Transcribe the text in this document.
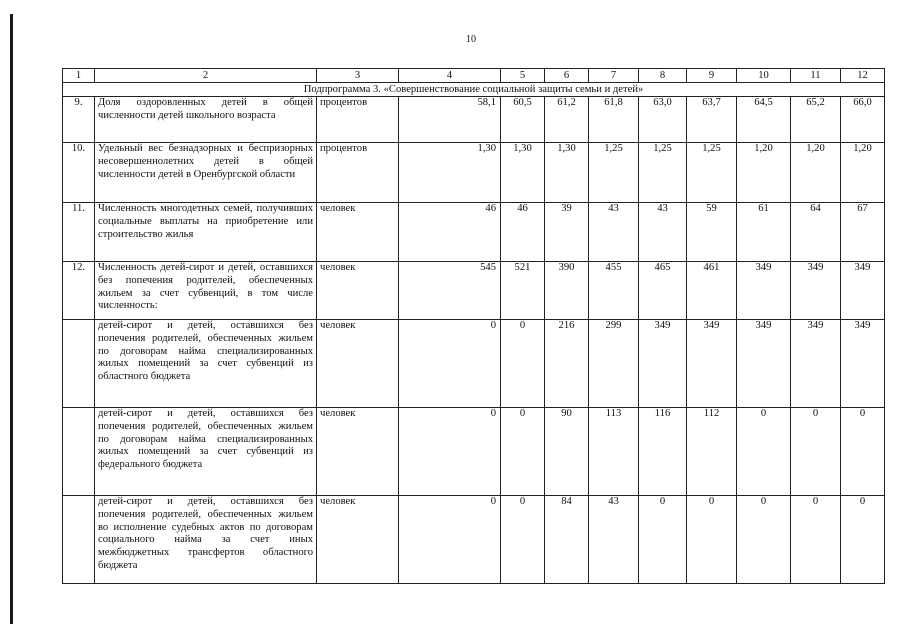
10
1	2	3	4	5	6	7	8	9	10	11	12
Подпрограмма 3. «Совершенствование социальной защиты семьи и детей»											
9.	Доля оздоровленных детей в общей численности детей школьного возраста	процентов	58,1	60,5	61,2	61,8	63,0	63,7	64,5	65,2	66,0
10.	Удельный вес безнадзорных и беспризорных несовершеннолетних детей в общей численности детей в Оренбургской области	процентов	1,30	1,30	1,30	1,25	1,25	1,25	1,20	1,20	1,20
11.	Численность многодетных семей, получивших социальные выплаты на приобретение или строительство жилья	человек	46	46	39	43	43	59	61	64	67
12.	Численность детей-сирот и детей, оставшихся без попечения родителей, обеспеченных жильем за счет субвенций, в том числе численность:	человек	545	521	390	455	465	461	349	349	349
	детей-сирот и детей, оставшихся без попечения родителей, обеспеченных жильем по договорам найма специализированных жилых помещений за счет субвенций из областного бюджета	человек	0	0	216	299	349	349	349	349	349
	детей-сирот и детей, оставшихся без попечения родителей, обеспеченных жильем по договорам найма специализированных жилых помещений за счет субвенций из федерального бюджета	человек	0	0	90	113	116	112	0	0	0
	детей-сирот и детей, оставшихся без попечения родителей, обеспеченных жильем во исполнение судебных актов по договорам социального найма за счет иных межбюджетных трансфертов областного бюджета	человек	0	0	84	43	0	0	0	0	0
